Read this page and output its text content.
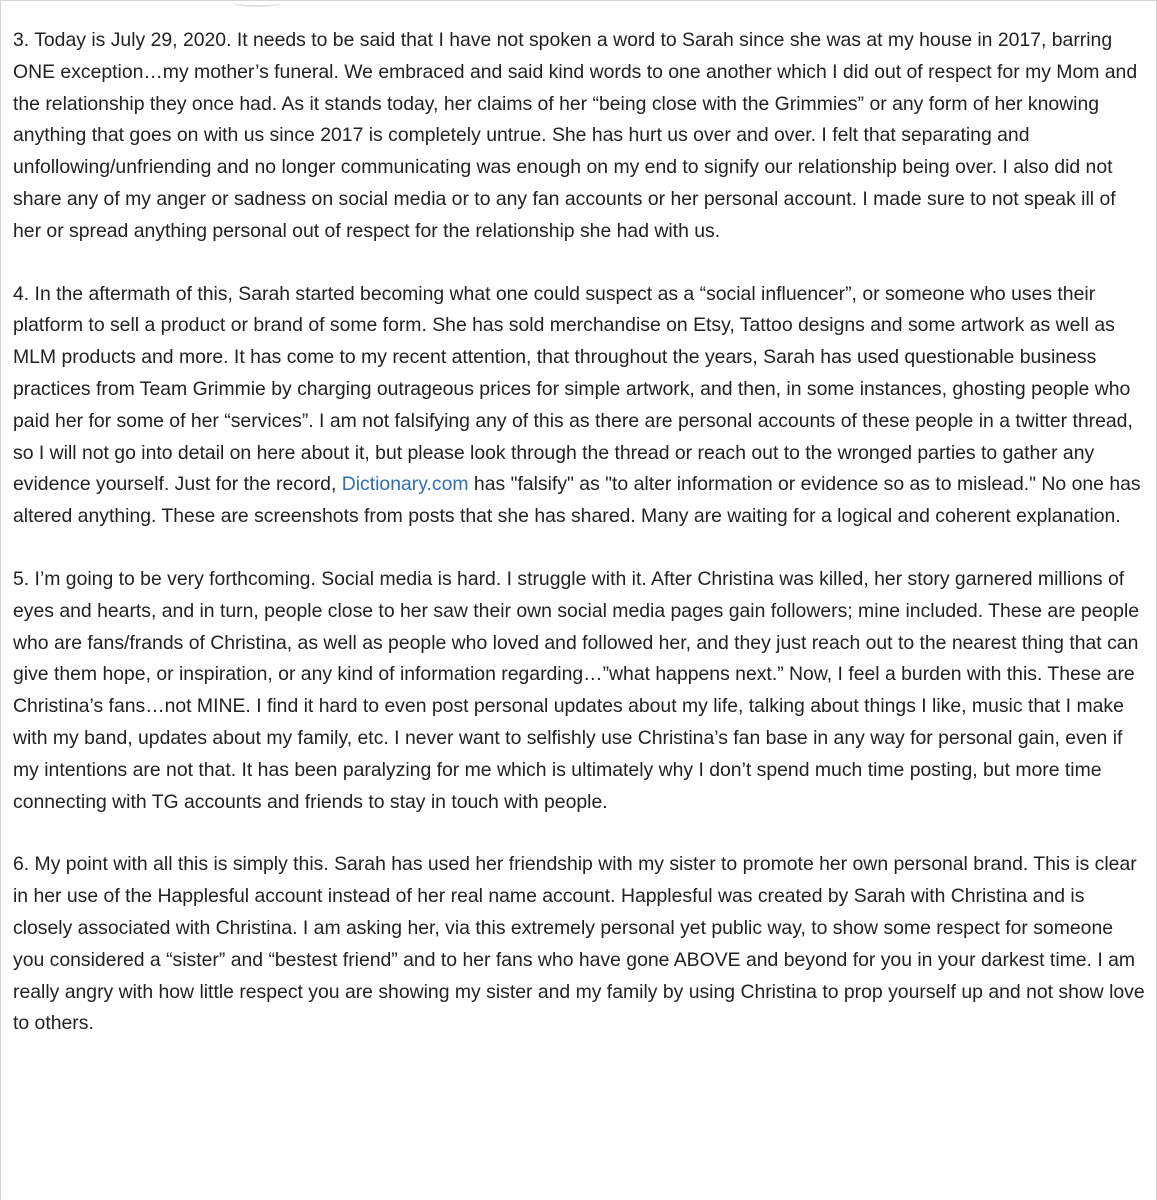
3. Today is July 29, 2020. It needs to be said that I have not spoken a word to Sarah since she was at my house in 2017, barring ONE exception…my mother’s funeral. We embraced and said kind words to one another which I did out of respect for my Mom and the relationship they once had. As it stands today, her claims of her “being close with the Grimmies” or any form of her knowing anything that goes on with us since 2017 is completely untrue. She has hurt us over and over. I felt that separating and unfollowing/unfriending and no longer communicating was enough on my end to signify our relationship being over. I also did not share any of my anger or sadness on social media or to any fan accounts or her personal account. I made sure to not speak ill of her or spread anything personal out of respect for the relationship she had with us.

4. In the aftermath of this, Sarah started becoming what one could suspect as a “social influencer”, or someone who uses their platform to sell a product or brand of some form. She has sold merchandise on Etsy, Tattoo designs and some artwork as well as MLM products and more. It has come to my recent attention, that throughout the years, Sarah has used questionable business practices from Team Grimmie by charging outrageous prices for simple artwork, and then, in some instances, ghosting people who paid her for some of her “services”. I am not falsifying any of this as there are personal accounts of these people in a twitter thread, so I will not go into detail on here about it, but please look through the thread or reach out to the wronged parties to gather any evidence yourself. Just for the record, Dictionary.com has "falsify" as "to alter information or evidence so as to mislead." No one has altered anything. These are screenshots from posts that she has shared. Many are waiting for a logical and coherent explanation.

5. I’m going to be very forthcoming. Social media is hard. I struggle with it. After Christina was killed, her story garnered millions of eyes and hearts, and in turn, people close to her saw their own social media pages gain followers; mine included. These are people who are fans/frands of Christina, as well as people who loved and followed her, and they just reach out to the nearest thing that can give them hope, or inspiration, or any kind of information regarding…”what happens next.” Now, I feel a burden with this. These are Christina’s fans…not MINE. I find it hard to even post personal updates about my life, talking about things I like, music that I make with my band, updates about my family, etc. I never want to selfishly use Christina’s fan base in any way for personal gain, even if my intentions are not that. It has been paralyzing for me which is ultimately why I don’t spend much time posting, but more time connecting with TG accounts and friends to stay in touch with people.

6. My point with all this is simply this. Sarah has used her friendship with my sister to promote her own personal brand. This is clear in her use of the Happlesful account instead of her real name account. Happlesful was created by Sarah with Christina and is closely associated with Christina. I am asking her, via this extremely personal yet public way, to show some respect for someone you considered a “sister” and “bestest friend” and to her fans who have gone ABOVE and beyond for you in your darkest time. I am really angry with how little respect you are showing my sister and my family by using Christina to prop yourself up and not show love to others.
